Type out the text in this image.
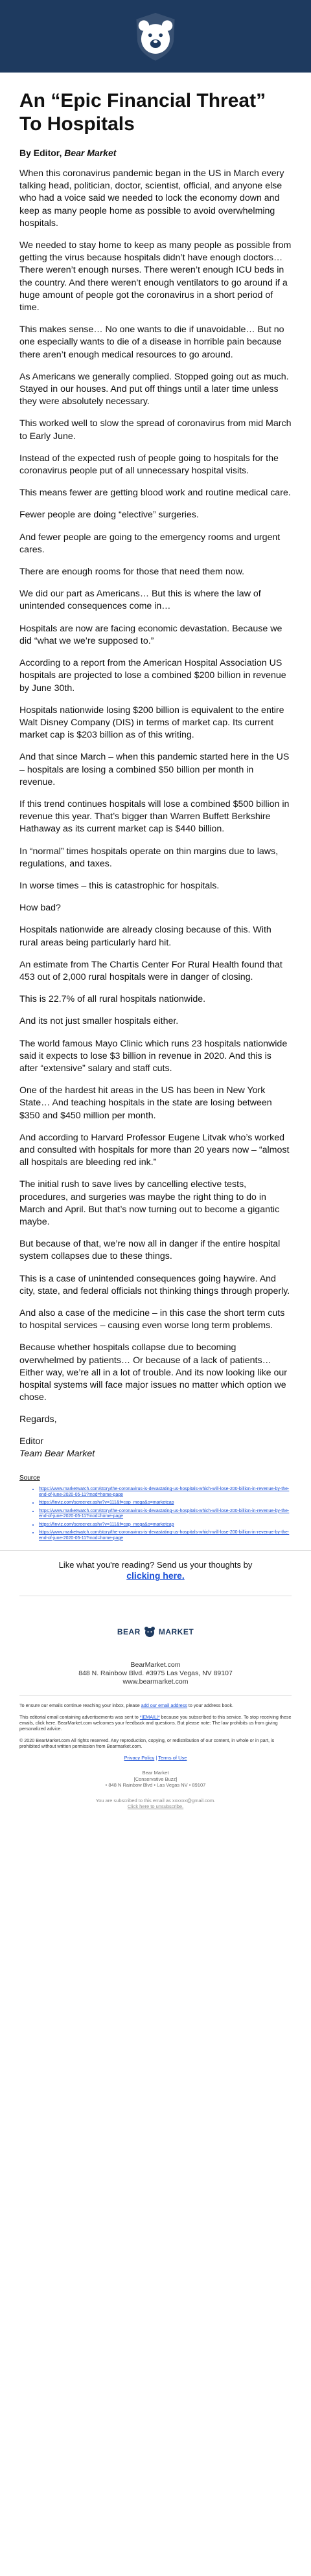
An “Epic Financial Threat” To Hospitals
By Editor, Bear Market

When this coronavirus pandemic began in the US in March every talking head, politician, doctor, scientist, official, and anyone else who had a voice said we needed to lock the economy down and keep as many people home as possible to avoid overwhelming hospitals.

We needed to stay home to keep as many people as possible from getting the virus because hospitals didn’t have enough doctors… There weren’t enough nurses. There weren’t enough ICU beds in the country. And there weren’t enough ventilators to go around if a huge amount of people got the coronavirus in a short period of time.

This makes sense… No one wants to die if unavoidable… But no one especially wants to die of a disease in horrible pain because there aren’t enough medical resources to go around.

As Americans we generally complied. Stopped going out as much. Stayed in our houses. And put off things until a later time unless they were absolutely necessary.

This worked well to slow the spread of coronavirus from mid March to Early June.

Instead of the expected rush of people going to hospitals for the coronavirus people put of all unnecessary hospital visits.

This means fewer are getting blood work and routine medical care.

Fewer people are doing “elective” surgeries.

And fewer people are going to the emergency rooms and urgent cares.

There are enough rooms for those that need them now.

We did our part as Americans… But this is where the law of unintended consequences come in…

Hospitals are now are facing economic devastation. Because we did “what we we’re supposed to.”

According to a report from the American Hospital Association US hospitals are projected to lose a combined $200 billion in revenue by June 30th.

Hospitals nationwide losing $200 billion is equivalent to the entire Walt Disney Company (DIS) in terms of market cap. Its current market cap is $203 billion as of this writing.

And that since March – when this pandemic started here in the US – hospitals are losing a combined $50 billion per month in revenue.

If this trend continues hospitals will lose a combined $500 billion in revenue this year. That’s bigger than Warren Buffett Berkshire Hathaway as its current market cap is $440 billion.

In “normal” times hospitals operate on thin margins due to laws, regulations, and taxes.

In worse times – this is catastrophic for hospitals.

How bad?

Hospitals nationwide are already closing because of this. With rural areas being particularly hard hit.

An estimate from The Chartis Center For Rural Health found that 453 out of 2,000 rural hospitals were in danger of closing.

This is 22.7% of all rural hospitals nationwide.

And its not just smaller hospitals either.

The world famous Mayo Clinic which runs 23 hospitals nationwide said it expects to lose $3 billion in revenue in 2020. And this is after “extensive” salary and staff cuts.

One of the hardest hit areas in the US has been in New York State… And teaching hospitals in the state are losing between $350 and $450 million per month.

And according to Harvard Professor Eugene Litvak who’s worked and consulted with hospitals for more than 20 years now – “almost all hospitals are bleeding red ink.”

The initial rush to save lives by cancelling elective tests, procedures, and surgeries was maybe the right thing to do in March and April. But that’s now turning out to become a gigantic maybe.

But because of that, we’re now all in danger if the entire hospital system collapses due to these things.

This is a case of unintended consequences going haywire. And city, state, and federal officials not thinking things through properly.

And also a case of the medicine – in this case the short term cuts to hospital services – causing even worse long term problems.

Because whether hospitals collapse due to becoming overwhelmed by patients… Or because of a lack of patients… Either way, we’re all in a lot of trouble. And its now looking like our hospital systems will face major issues no matter which option we chose.

Regards,

Editor

Team Bear Market

Source

• https://www.marketwatch.com/story/the-coronavirus-is-devastating-us-hospitals-which-will-lose-200-billion-in-revenue-by-the-end-of-june-2020-05-11?mod=home-page
• https://finviz.com/screener.ashx?v=111&f=cap_mega&o=marketcap
• https://www.marketwatch.com/story/the-coronavirus-is-devastating-us-hospitals-which-will-lose-200-billion-in-revenue-by-the-end-of-june-2020-05-11?mod=home-page
• https://finviz.com/screener.ashx?v=111&f=cap_mega&o=marketcap
• https://www.marketwatch.com/story/the-coronavirus-is-devastating-us-hospitals-which-will-lose-200-billion-in-revenue-by-the-end-of-june-2020-05-11?mod=home-page

Like what you're reading? Send us your thoughts by

clicking here.
BEAR MARKET

BearMarket.com

848 N. Rainbow Blvd. #3975 Las Vegas, NV 89107

www.bearmarket.com

To ensure our emails continue reaching your inbox, please add our email address to your address book.

This editorial email containing advertisements was sent to *|EMAIL|* because you subscribed to this service. To stop receiving these emails, click here. BearMarket.com welcomes your feedback and questions. But please note: The law prohibits us from giving personalized advice.

© 2020 BearMarket.com All rights reserved. Any reproduction, copying, or redistribution of our content, in whole or in part, is prohibited without written permission from Bearmarket.com.

Privacy Policy | Terms of Use

Bear Market

[Conservative Buzz]

• 848 N Rainbow Blvd • Las Vegas NV • 89107

You are subscribed to this email as xxxxxx@gmail.com.

Click here to unsubscribe.
